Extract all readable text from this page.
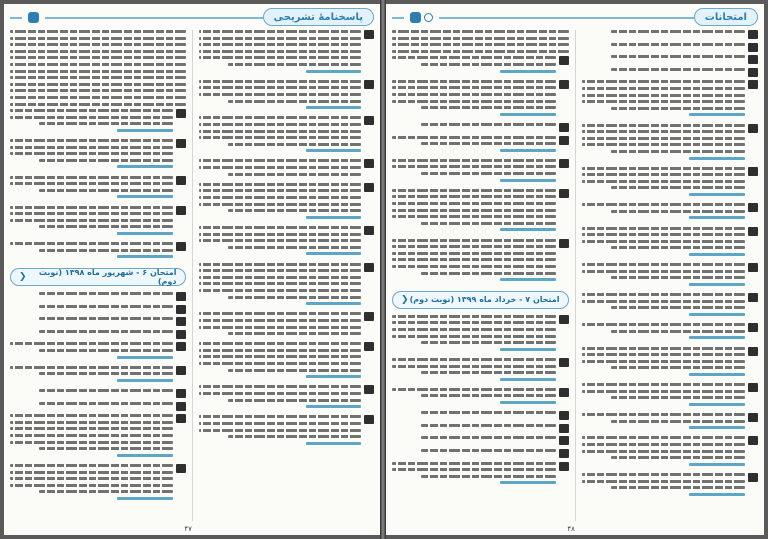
پاسخنامهٔ تشریحی
امتحان ۶ - شهریور ماه ۱۳۹۸ (نوبت دوم)
❮
۴۷
امتحانات
امتحان ۷ - خرداد ماه ۱۳۹۹ (نوبت دوم)
❮
۴۸
